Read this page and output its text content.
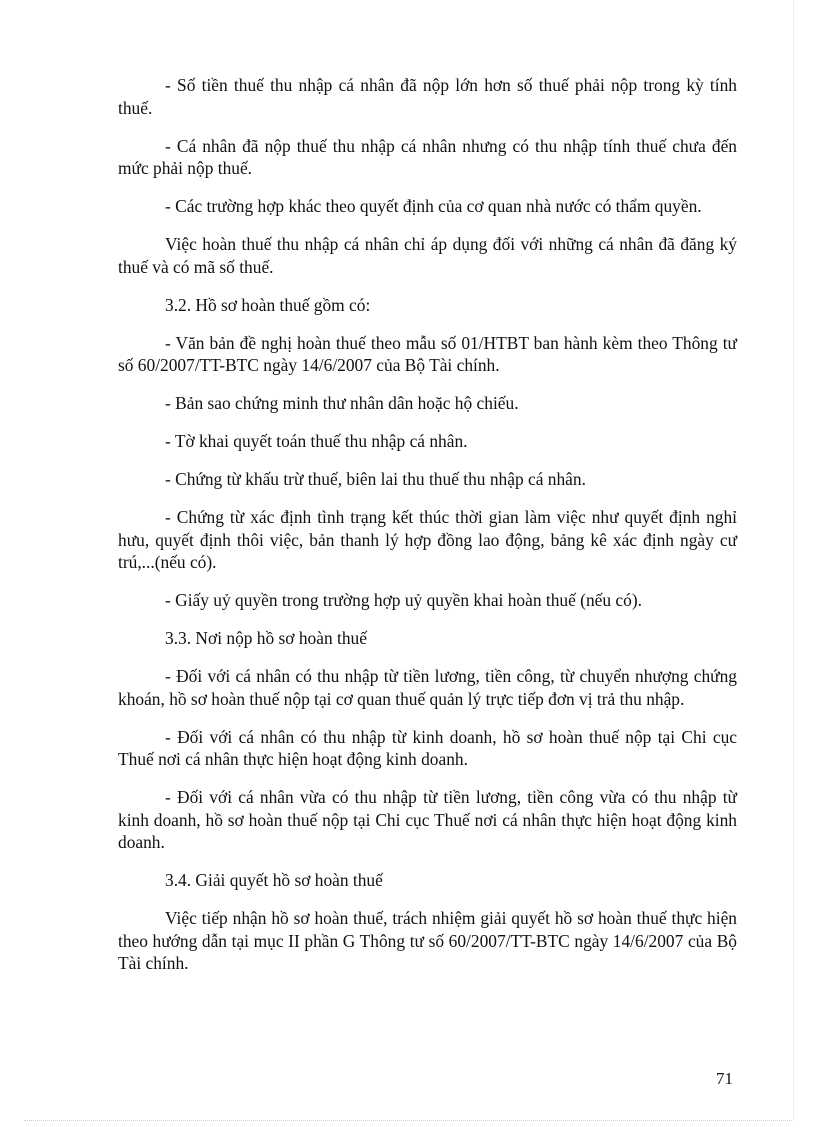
- Số tiền thuế thu nhập cá nhân đã nộp lớn hơn số thuế phải nộp trong kỳ tính thuế.

- Cá nhân đã nộp thuế thu nhập cá nhân nhưng có thu nhập tính thuế chưa đến mức phải nộp thuế.

- Các trường hợp khác theo quyết định của cơ quan nhà nước có thẩm quyền.

Việc hoàn thuế thu nhập cá nhân chỉ áp dụng đối với những cá nhân đã đăng ký thuế và có mã số thuế.

3.2. Hồ sơ hoàn thuế gồm có:

- Văn bản đề nghị hoàn thuế theo mẫu số 01/HTBT ban hành kèm theo Thông tư số 60/2007/TT-BTC ngày 14/6/2007 của Bộ Tài chính.

- Bản sao chứng minh thư nhân dân hoặc hộ chiếu.

- Tờ khai quyết toán thuế thu nhập cá nhân.

- Chứng từ khấu trừ thuế, biên lai thu thuế thu nhập cá nhân.

- Chứng từ xác định tình trạng kết thúc thời gian làm việc như quyết định nghỉ hưu, quyết định thôi việc, bản thanh lý hợp đồng lao động, bảng kê xác định ngày cư trú,...(nếu có).

- Giấy uỷ quyền trong trường hợp uỷ quyền khai hoàn thuế (nếu có).

3.3. Nơi nộp hồ sơ hoàn thuế

- Đối với cá nhân có thu nhập từ tiền lương, tiền công, từ chuyển nhượng chứng khoán, hồ sơ hoàn thuế nộp tại cơ quan thuế quản lý trực tiếp đơn vị trả thu nhập.

- Đối với cá nhân có thu nhập từ kinh doanh, hồ sơ hoàn thuế nộp tại Chi cục Thuế nơi cá nhân thực hiện hoạt động kinh doanh.

- Đối với cá nhân vừa có thu nhập từ tiền lương, tiền công vừa có thu nhập từ kinh doanh, hồ sơ hoàn thuế nộp tại Chi cục Thuế nơi cá nhân thực hiện hoạt động kinh doanh.

3.4. Giải quyết hồ sơ hoàn thuế

Việc tiếp nhận hồ sơ hoàn thuế, trách nhiệm giải quyết hồ sơ hoàn thuế thực hiện theo hướng dẫn tại mục II phần G Thông tư số 60/2007/TT-BTC ngày 14/6/2007 của Bộ Tài chính.

71
